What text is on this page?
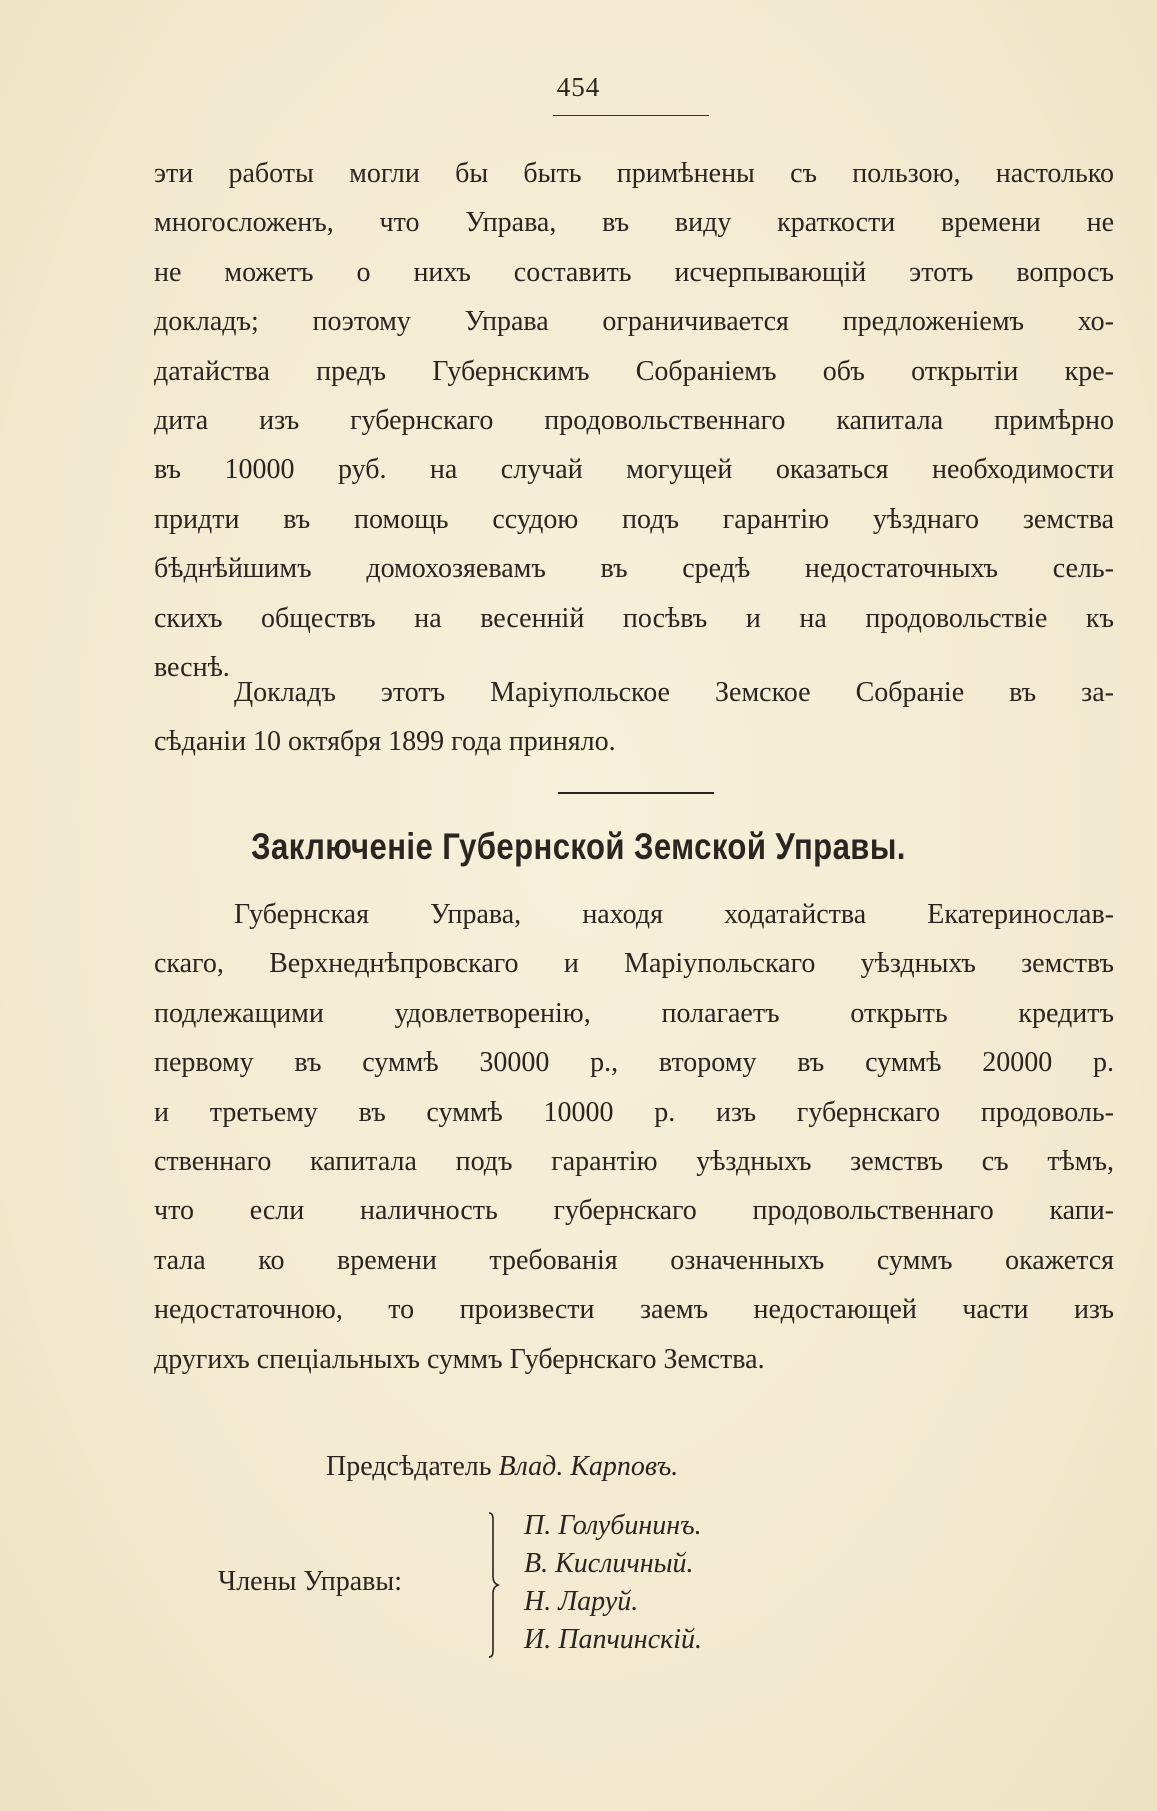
454
эти работы могли бы быть примѣнены съ пользою, настолько
многосложенъ, что Управа, въ виду краткости времени не
не можетъ о нихъ составить исчерпывающій этотъ вопросъ
докладъ; поэтому Управа ограничивается предложеніемъ хо-
датайства предъ Губернскимъ Собраніемъ объ открытіи кре-
дита изъ губернскаго продовольственнаго капитала примѣрно
въ 10000 руб. на случай могущей оказаться необходимости
придти въ помощь ссудою подъ гарантію уѣзднаго земства
бѣднѣйшимъ домохозяевамъ въ средѣ недостаточныхъ сель-
скихъ обществъ на весенній посѣвъ и на продовольствіе къ
веснѣ.
Докладъ этотъ Маріупольское Земское Собраніе въ за-
сѣданіи 10 октября 1899 года приняло.
Заключеніе Губернской Земской Управы.
Губернская Управа, находя ходатайства Екатеринослав-
скаго, Верхнеднѣпровскаго и Маріупольскаго уѣздныхъ земствъ
подлежащими удовлетворенію, полагаетъ открыть кредитъ
первому въ суммѣ 30000 р., второму въ суммѣ 20000 р.
и третьему въ суммѣ 10000 р. изъ губернскаго продоволь-
ственнаго капитала подъ гарантію уѣздныхъ земствъ съ тѣмъ,
что если наличность губернскаго продовольственнаго капи-
тала ко времени требованія означенныхъ суммъ окажется
недостаточною, то произвести заемъ недостающей части изъ
другихъ спеціальныхъ суммъ Губернскаго Земства.
Предсѣдатель Влад. Карповъ.
Члены Управы:
П. Голубининъ.
В. Кисличный.
Н. Ларуй.
И. Папчинскій.
